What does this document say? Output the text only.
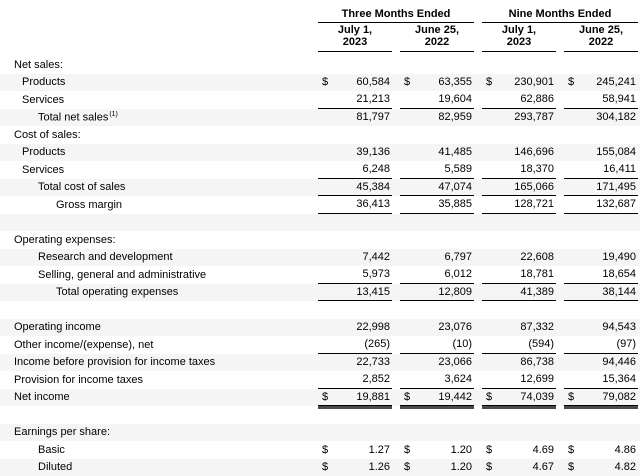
Three Months Ended	Nine Months Ended
July 1,
2023
June 25,
2022
July 1,
2023
June 25,
2022
Net sales:
Products	$	60,584 $	63,355 $ 230,901 $ 245,241
Services	21,213	19,604	62,886	58,941
Total net sales$^{(1)}$	81,797	82,959	293,787	304,182
Cost of sales:
Products	39,136	41,485	146,696	155,084
Services	6,248	5,589	18,370	16,411
Total cost of sales	45,384	47,074	165,066	171,495
Gross margin	36,413	35,885	128,721	132,687
Operating expenses:
Research and development	7,442	6,797	22,608	19,490
Selling, general and administrative	5,973	6,012	18,781	18,654
Total operating expenses	13,415	12,809	41,389	38,144
Operating income	22,998	23,076	87,332	94,543
Other income/(expense), net	(265)	(10)	(594)	(97)
Income before provision for income taxes	22,733	23,066	86,738	94,446
Provision for income taxes	2,852	3,624	12,699	15,364
Net income	$	19,881 $	19,442 $	74,039 $	79,082
Earnings per share:
Basic	$	1.27 $	1.20 $	4.69 $	4.86
Diluted	$	1.26 $	1.20 $	4.67 $	4.82
